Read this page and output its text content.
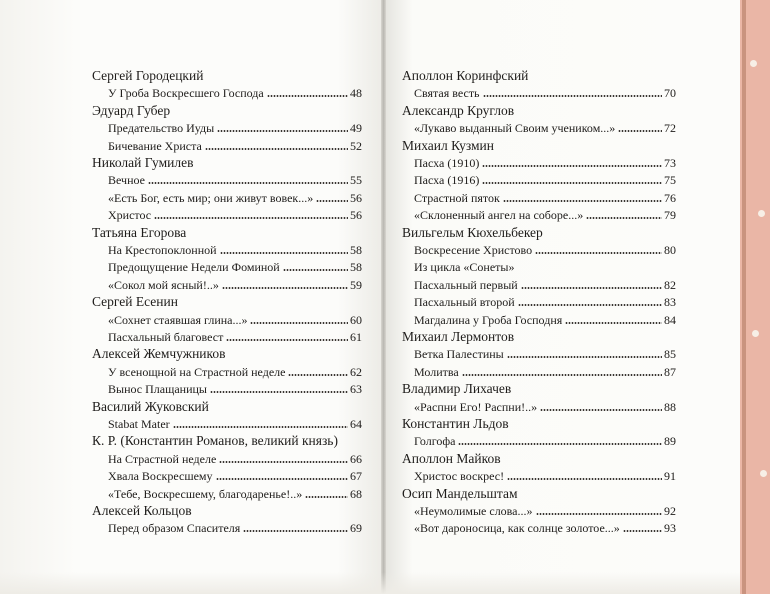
Сергей Городецкий
У Гроба Воскресшего Господа	48
Эдуард Губер
Предательство Иуды	49
Бичевание Христа	52
Николай Гумилев
Вечное	55
«Есть Бог, есть мир; они живут вовек...»	56
Христос	56
Татьяна Егорова
На Крестопоклонной	58
Предощущение Недели Фоминой	58
«Сокол мой ясный!..»	59
Сергей Есенин
«Сохнет стаявшая глина...»	60
Пасхальный благовест	61
Алексей Жемчужников
У всенощной на Страстной неделе	62
Вынос Плащаницы	63
Василий Жуковский
Stabat Mater	64
К. Р. (Константин Романов, великий князь)
На Страстной неделе	66
Хвала Воскресшему	67
«Тебе, Воскресшему, благодаренье!..»	68
Алексей Кольцов
Перед образом Спасителя	69
Аполлон Коринфский
Святая весть	70
Александр Круглов
«Лукаво выданный Своим учеником...»	72
Михаил Кузмин
Пасха (1910)	73
Пасха (1916)	75
Страстной пяток	76
«Склоненный ангел на соборе...»	79
Вильгельм Кюхельбекер
Воскресение Христово	80
Из цикла «Сонеты»
Пасхальный первый	82
Пасхальный второй	83
Магдалина у Гроба Господня	84
Михаил Лермонтов
Ветка Палестины	85
Молитва	87
Владимир Лихачев
«Распни Его! Распни!..»	88
Константин Льдов
Голгофа	89
Аполлон Майков
Христос воскрес!	91
Осип Мандельштам
«Неумолимые слова...»	92
«Вот дароносица, как солнце золотое...»	93
